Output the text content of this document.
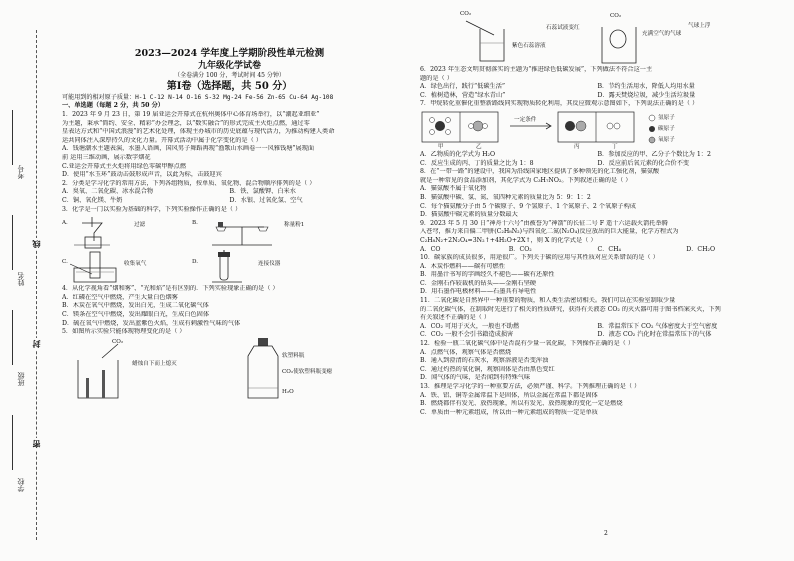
考号
姓名
班级
学校
线
封
密
2023—2024 学年度上学期阶段性单元检测
九年级化学试卷
（全卷满分 100 分，考试时间 45 分钟）
第Ⅰ卷（选择题，共 50 分）
可能用到的相对原子质量：H-1 C-12 N-14 O-16 S-32 Mg-24 Fe-56 Zn-65 Cu-64 Ag-108
一、单选题（每题 2 分，共 50 分）
1．2023 年 9 月 23 日，第 19 届亚运会开幕式在杭州奥体中心体育场举行，以“潮起亚细亚”
为主题，秉承“简约、安全、精彩”办会理念，以“数实融合”的形式完成主火炬点燃，通过零
星表达方式和“中国式浪漫”的艺术化处理，体现主办城市的历史底蕴与现代活力，为推动构建人类命
运共同体注入深厚持久的文化力量。开幕式活动中属于化学变化的是（ ）
A．钱塘潮水主题表演，水墨人语画，国风男子舞蹈再现“渔歌山水画卷一一风雅钱塘”展现面
前 运用三维动画，展示数字烟花
C.亚运会开幕式主火炬将用绿色零碳甲醇点燃
D．使用“水玉环”鼓动击鼓形成声音，以此为标，击鼓迎宾
2．分类是学习化学的常用方法，下列各组物质，按单质、氧化物、混合物顺序排列的是（ ）
A．臭氧、二氧化碳、冰水混合物	B．铁、氯酸钾、白米水
C．铜、氧化镁、牛奶	D．水银、过氧化氢、空气
3．化学是一门以实验为基础的科学，下列实验操作正确的是（ ）
A.	过滤	B.	称量粉1
C.	收集氧气	D.	连接仪器
4．从化学视角看“烟和雾”、“光和焰”是有区别的．下列实验现象正确的是（ ）
A．红磷在空气中燃烧，产生大量白色烟雾
B．木炭在氧气中燃烧，发出白光，生成二氧化碳气体
C．镁条在空气中燃烧，发出耀眼白光，生成白色固体
D．硫在氧气中燃烧，发出蓝紫色火焰，生成有刺激性气味的气体
5．如图所示实验只能体现物理变化的是（ ）
CO₂
蜡烛自下而上熄灭
软塑料瓶
CO₂使软塑料瓶变瘪
H₂O
CO₂
紫色石蕊溶液
石蕊试液变红
CO₂
充满空气的气球
气球上浮
6．2023 年生态文明贯彻落实的主题为“推进绿色低碳发展”，下列做法不符合这一主
题的是（ ）
A．绿色出行，践行“低碳生活”	B．节约生活用水，降低人均用水量
C．植树造林，营造“绿水青山”	D．露天焚烧垃圾，减少生活垃圾量
7．甲烷转化重催化重整新路线同实现物质转化利用，其反应微观示意图如下，下列说法正确的是（ ）
甲	乙
一定条件
丙	丁
氢原子
碳原子
氧原子
A．乙物质的化学式为 H₂O	B．参加反应的甲、乙分子个数比为 1：2
C．反应生成的丙、丁的质量之比为 1：8	D．反应前后氧元素的化合价不变
8．在“一带一路”的建设中，我国为沿线国家地区提供了多种领先的化工强化剂，猫氨酸
就是一种常见的食品添加剂，其化学式为 C₃H₇NO₂。下列叙述正确的是（ ）
A．猫氨酸不属于氧化物
B．猫氨酸中碳、氢、氮、氧四种元素的质量比为 5：9：1：2
C．每个猫氨酸分子由 5 个碳原子、9 个氢原子、1 个氮原子、2 个氧原子构成
D．猫氨酸中碳元素的质量分数最大
9．2023 年 5 月 30 日“神舟十六号”由被誉为“神箭”的长征二号 F 遥十六运载火箭托举腾
入苍穹，推力来自偏二甲肼(C₂H₈N₂)与四氧化二氮(N₂O₄)反应放出的巨大能量，化学方程式为
C₂H₈N₂+2N₂O₄=3N₂↑+4H₂O+2X↑，则 X 的化学式是（ ）
A．CO	B．CO₂	C．CH₄	D．CH₂O
10．碳家族的成员很多，用途很广。下列关于碳的应用与其性质对应关系错误的是（ ）
A．木炭作燃料——碳有可燃性
B．用墨汁书写的字画经久不褪色——碳有还原性
C．金刚石作较裁机的钻头——金刚石坚硬
D．用石墨作电极材料——石墨具有导电性
11．二氧化碳是自然界中一种重要的物质，和人类生活密切相关。我们可以在实验室制取少量
的二氧化碳气体，在制取时先进行了相关的性质研究，获得有关液态 CO₂ 的灭火器可用于图书档案灭火，下列
有关叙述不正确的是（ ）
A．CO₂ 可用于灭火，一般也不助燃	B．常温常压下 CO₂ 气体密度大于空气密度
C．CO₂ 一般不会引书籍造成损害	D．液态 CO₂ 汽化时在常温常压下的气体
12．检验一瓶二氧化碳气体中是否混有少量一氧化碳，下列操作正确的是（ ）
A．点燃气体，观察气体是否燃烧
B．通入到澄清的石灰水，观察溶液是否变浑浊
C．通过灼热的氧化铜，观察固体是否由黑色变红
D．闻气体的气味，是否闻到有特殊气味
13．推理是学习化学的一种重要方法，必须严谨、科学。下列推理正确的是（ ）
A．铁、铝、铜等金属常温下是固体，所以金属在常温下都是固体
B．燃烧都伴有发光、放热现象，所以有发光、放热现象的变化一定是燃烧
C．单质由一种元素组成，所以由一种元素组成的物质一定是单质
2
